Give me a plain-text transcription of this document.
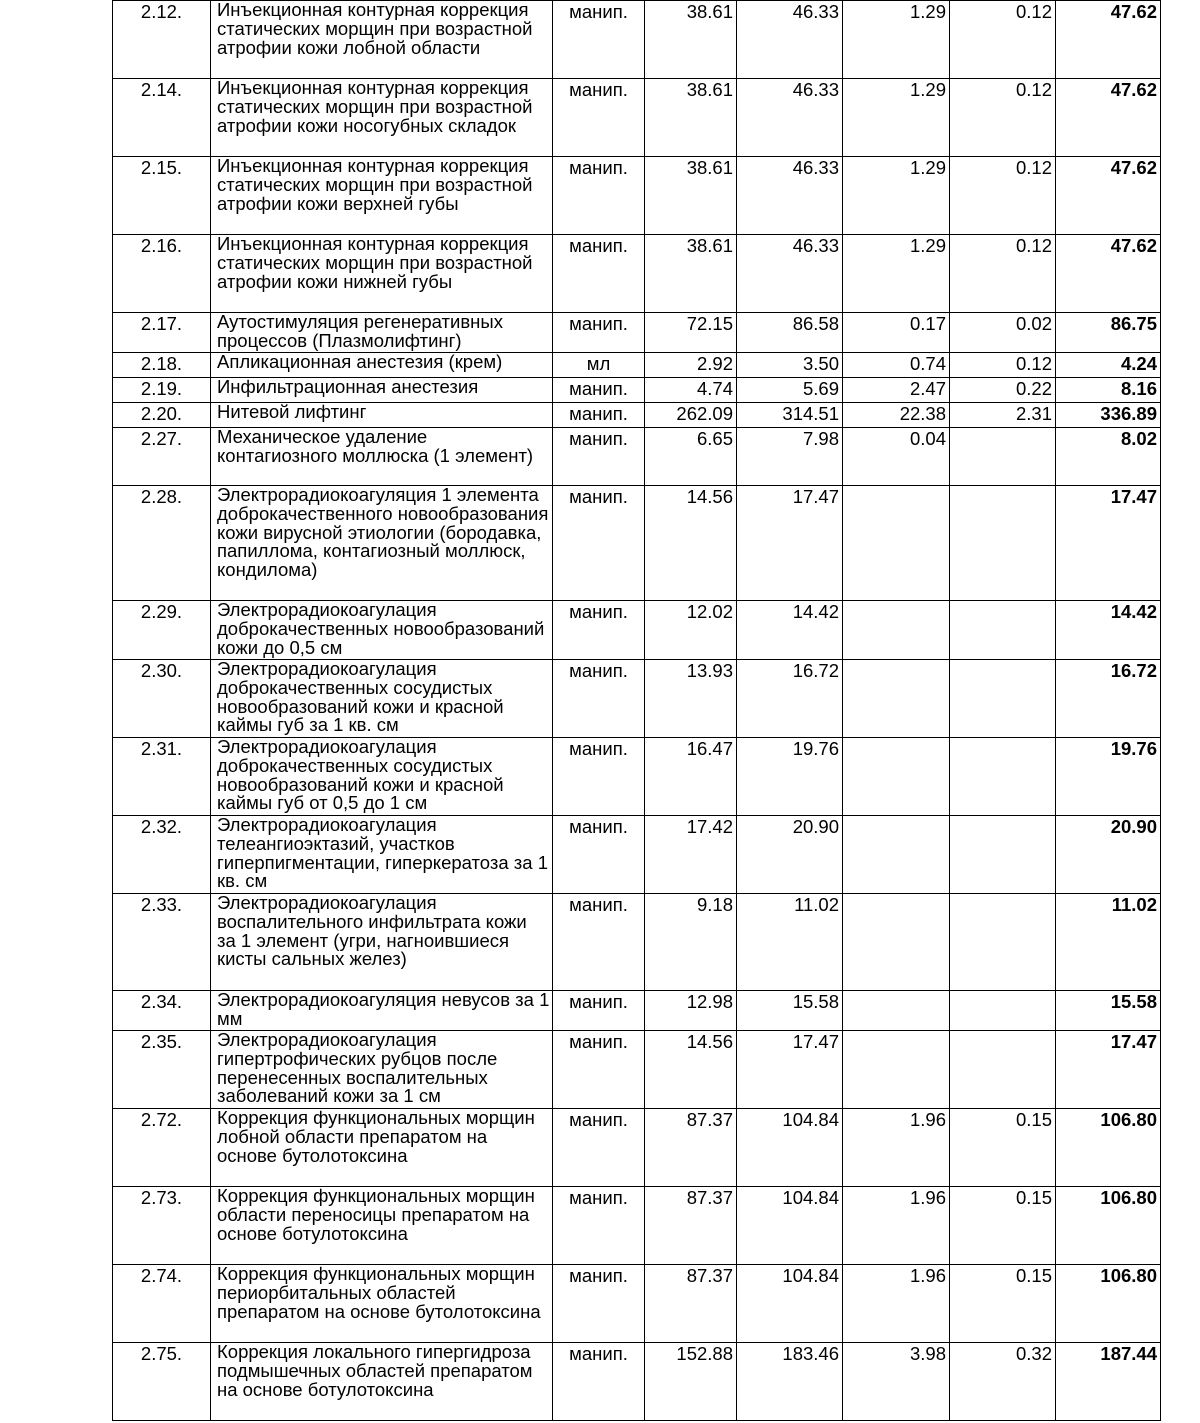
2.12.	Инъекционная контурная коррекция статических морщин при возрастной атрофии кожи лобной области	манип.	38.61	46.33	1.29	0.12	47.62
2.14.	Инъекционная контурная коррекция статических морщин при возрастной атрофии кожи носогубных складок	манип.	38.61	46.33	1.29	0.12	47.62
2.15.	Инъекционная контурная коррекция статических морщин при возрастной атрофии кожи верхней губы	манип.	38.61	46.33	1.29	0.12	47.62
2.16.	Инъекционная контурная коррекция статических морщин при возрастной атрофии кожи нижней губы	манип.	38.61	46.33	1.29	0.12	47.62
2.17.	Аутостимуляция регенеративных процессов (Плазмолифтинг)	манип.	72.15	86.58	0.17	0.02	86.75
2.18.	Апликационная анестезия (крем)	мл	2.92	3.50	0.74	0.12	4.24
2.19.	Инфильтрационная анестезия	манип.	4.74	5.69	2.47	0.22	8.16
2.20.	Нитевой лифтинг	манип.	262.09	314.51	22.38	2.31	336.89
2.27.	Механическое удаление контагиозного моллюска (1 элемент)	манип.	6.65	7.98	0.04		8.02
2.28.	Электрорадиокоагуляция 1 элемента доброкачественного новообразования кожи вирусной этиологии (бородавка, папиллома, контагиозный моллюск, кондилома)	манип.	14.56	17.47			17.47
2.29.	Электрорадиокоагулация доброкачественных новообразований кожи до 0,5 см	манип.	12.02	14.42			14.42
2.30.	Электрорадиокоагулация доброкачественных сосудистых новообразований кожи и красной каймы губ за 1 кв. см	манип.	13.93	16.72			16.72
2.31.	Электрорадиокоагулация доброкачественных сосудистых новообразований кожи и красной каймы губ от 0,5 до 1 см	манип.	16.47	19.76			19.76
2.32.	Электрорадиокоагулация телеангиоэктазий, участков гиперпигментации, гиперкератоза за 1 кв. см	манип.	17.42	20.90			20.90
2.33.	Электрорадиокоагулация воспалительного инфильтрата кожи за 1 элемент (угри, нагноившиеся кисты сальных желез)	манип.	9.18	11.02			11.02
2.34.	Электрорадиокоагуляция невусов за 1 мм	манип.	12.98	15.58			15.58
2.35.	Электрорадиокоагулация гипертрофических рубцов после перенесенных воспалительных заболеваний кожи за 1 см	манип.	14.56	17.47			17.47
2.72.	Коррекция функциональных морщин лобной области препаратом на основе бутолотоксина	манип.	87.37	104.84	1.96	0.15	106.80
2.73.	Коррекция функциональных морщин области переносицы препаратом на основе ботулотоксина	манип.	87.37	104.84	1.96	0.15	106.80
2.74.	Коррекция функциональных морщин периорбитальных областей препаратом на основе бутолотоксина	манип.	87.37	104.84	1.96	0.15	106.80
2.75.	Коррекция локального гипергидроза подмышечных областей препаратом на основе ботулотоксина	манип.	152.88	183.46	3.98	0.32	187.44
